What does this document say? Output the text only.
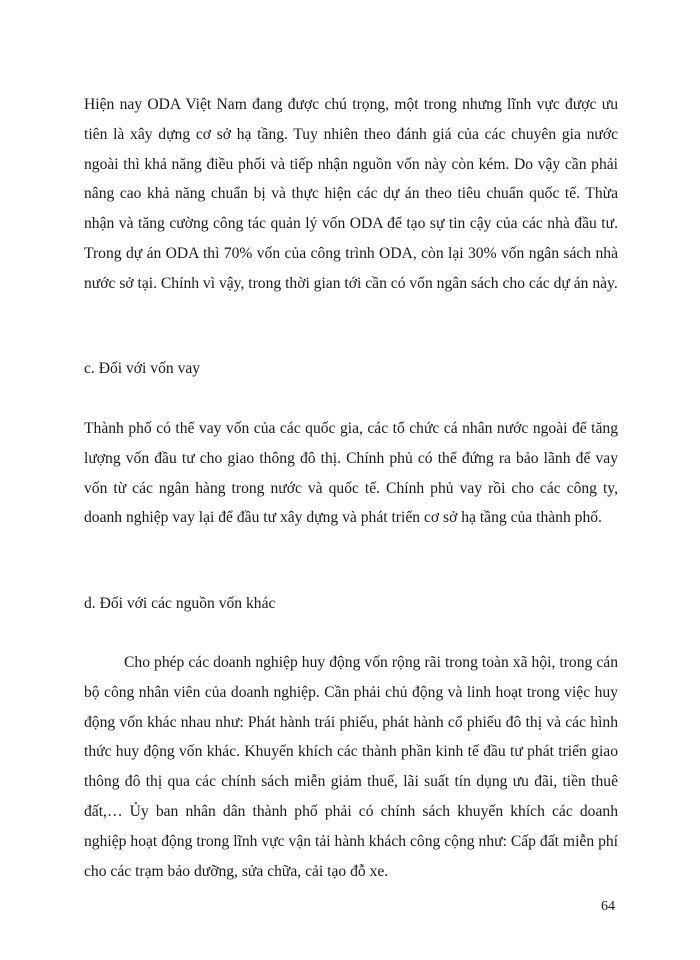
Hiện nay ODA Việt Nam đang được chú trọng, một trong nhưng lĩnh vực được ưu tiên là xây dựng cơ sở hạ tầng. Tuy nhiên theo đánh giá của các chuyên gia nước ngoài thì khả năng điều phối và tiếp nhận nguồn vốn này còn kém. Do vậy cần phải nâng cao khả năng chuẩn bị và thực hiện các dự án theo tiêu chuẩn quốc tế. Thừa nhận và tăng cường công tác quản lý vốn ODA để tạo sự tin cậy của các nhà đầu tư. Trong dự án ODA thì 70% vốn của công trình ODA, còn lại 30% vốn ngân sách nhà nước sở tại. Chính vì vậy, trong thời gian tới cần có vốn ngân sách cho các dự án này.

c. Đối với vốn vay

Thành phố có thể vay vốn của các quốc gia, các tổ chức cá nhân nước ngoài để tăng lượng vốn đầu tư cho giao thông đô thị. Chính phủ có thể đứng ra bảo lãnh để vay vốn từ các ngân hàng trong nước và quốc tế. Chính phủ vay rồi cho các công ty, doanh nghiệp vay lại để đầu tư xây dựng và phát triển cơ sở hạ tầng của thành phố.

d. Đối với các nguồn vốn khác

Cho phép các doanh nghiệp huy động vốn rộng rãi trong toàn xã hội, trong cán bộ công nhân viên của doanh nghiệp. Cần phải chủ động và linh hoạt trong việc huy động vốn khác nhau như: Phát hành trái phiếu, phát hành cổ phiếu đô thị và các hình thức huy động vốn khác. Khuyến khích các thành phần kinh tế đầu tư phát triển giao thông đô thị qua các chính sách miễn giảm thuế, lãi suất tín dụng ưu đãi, tiền thuê đất,… Ủy ban nhân dân thành phố phải có chính sách khuyến khích các doanh nghiệp hoạt động trong lĩnh vực vận tải hành khách công cộng như: Cấp đất miễn phí cho các trạm bảo dưỡng, sửa chữa, cải tạo đỗ xe.

64
